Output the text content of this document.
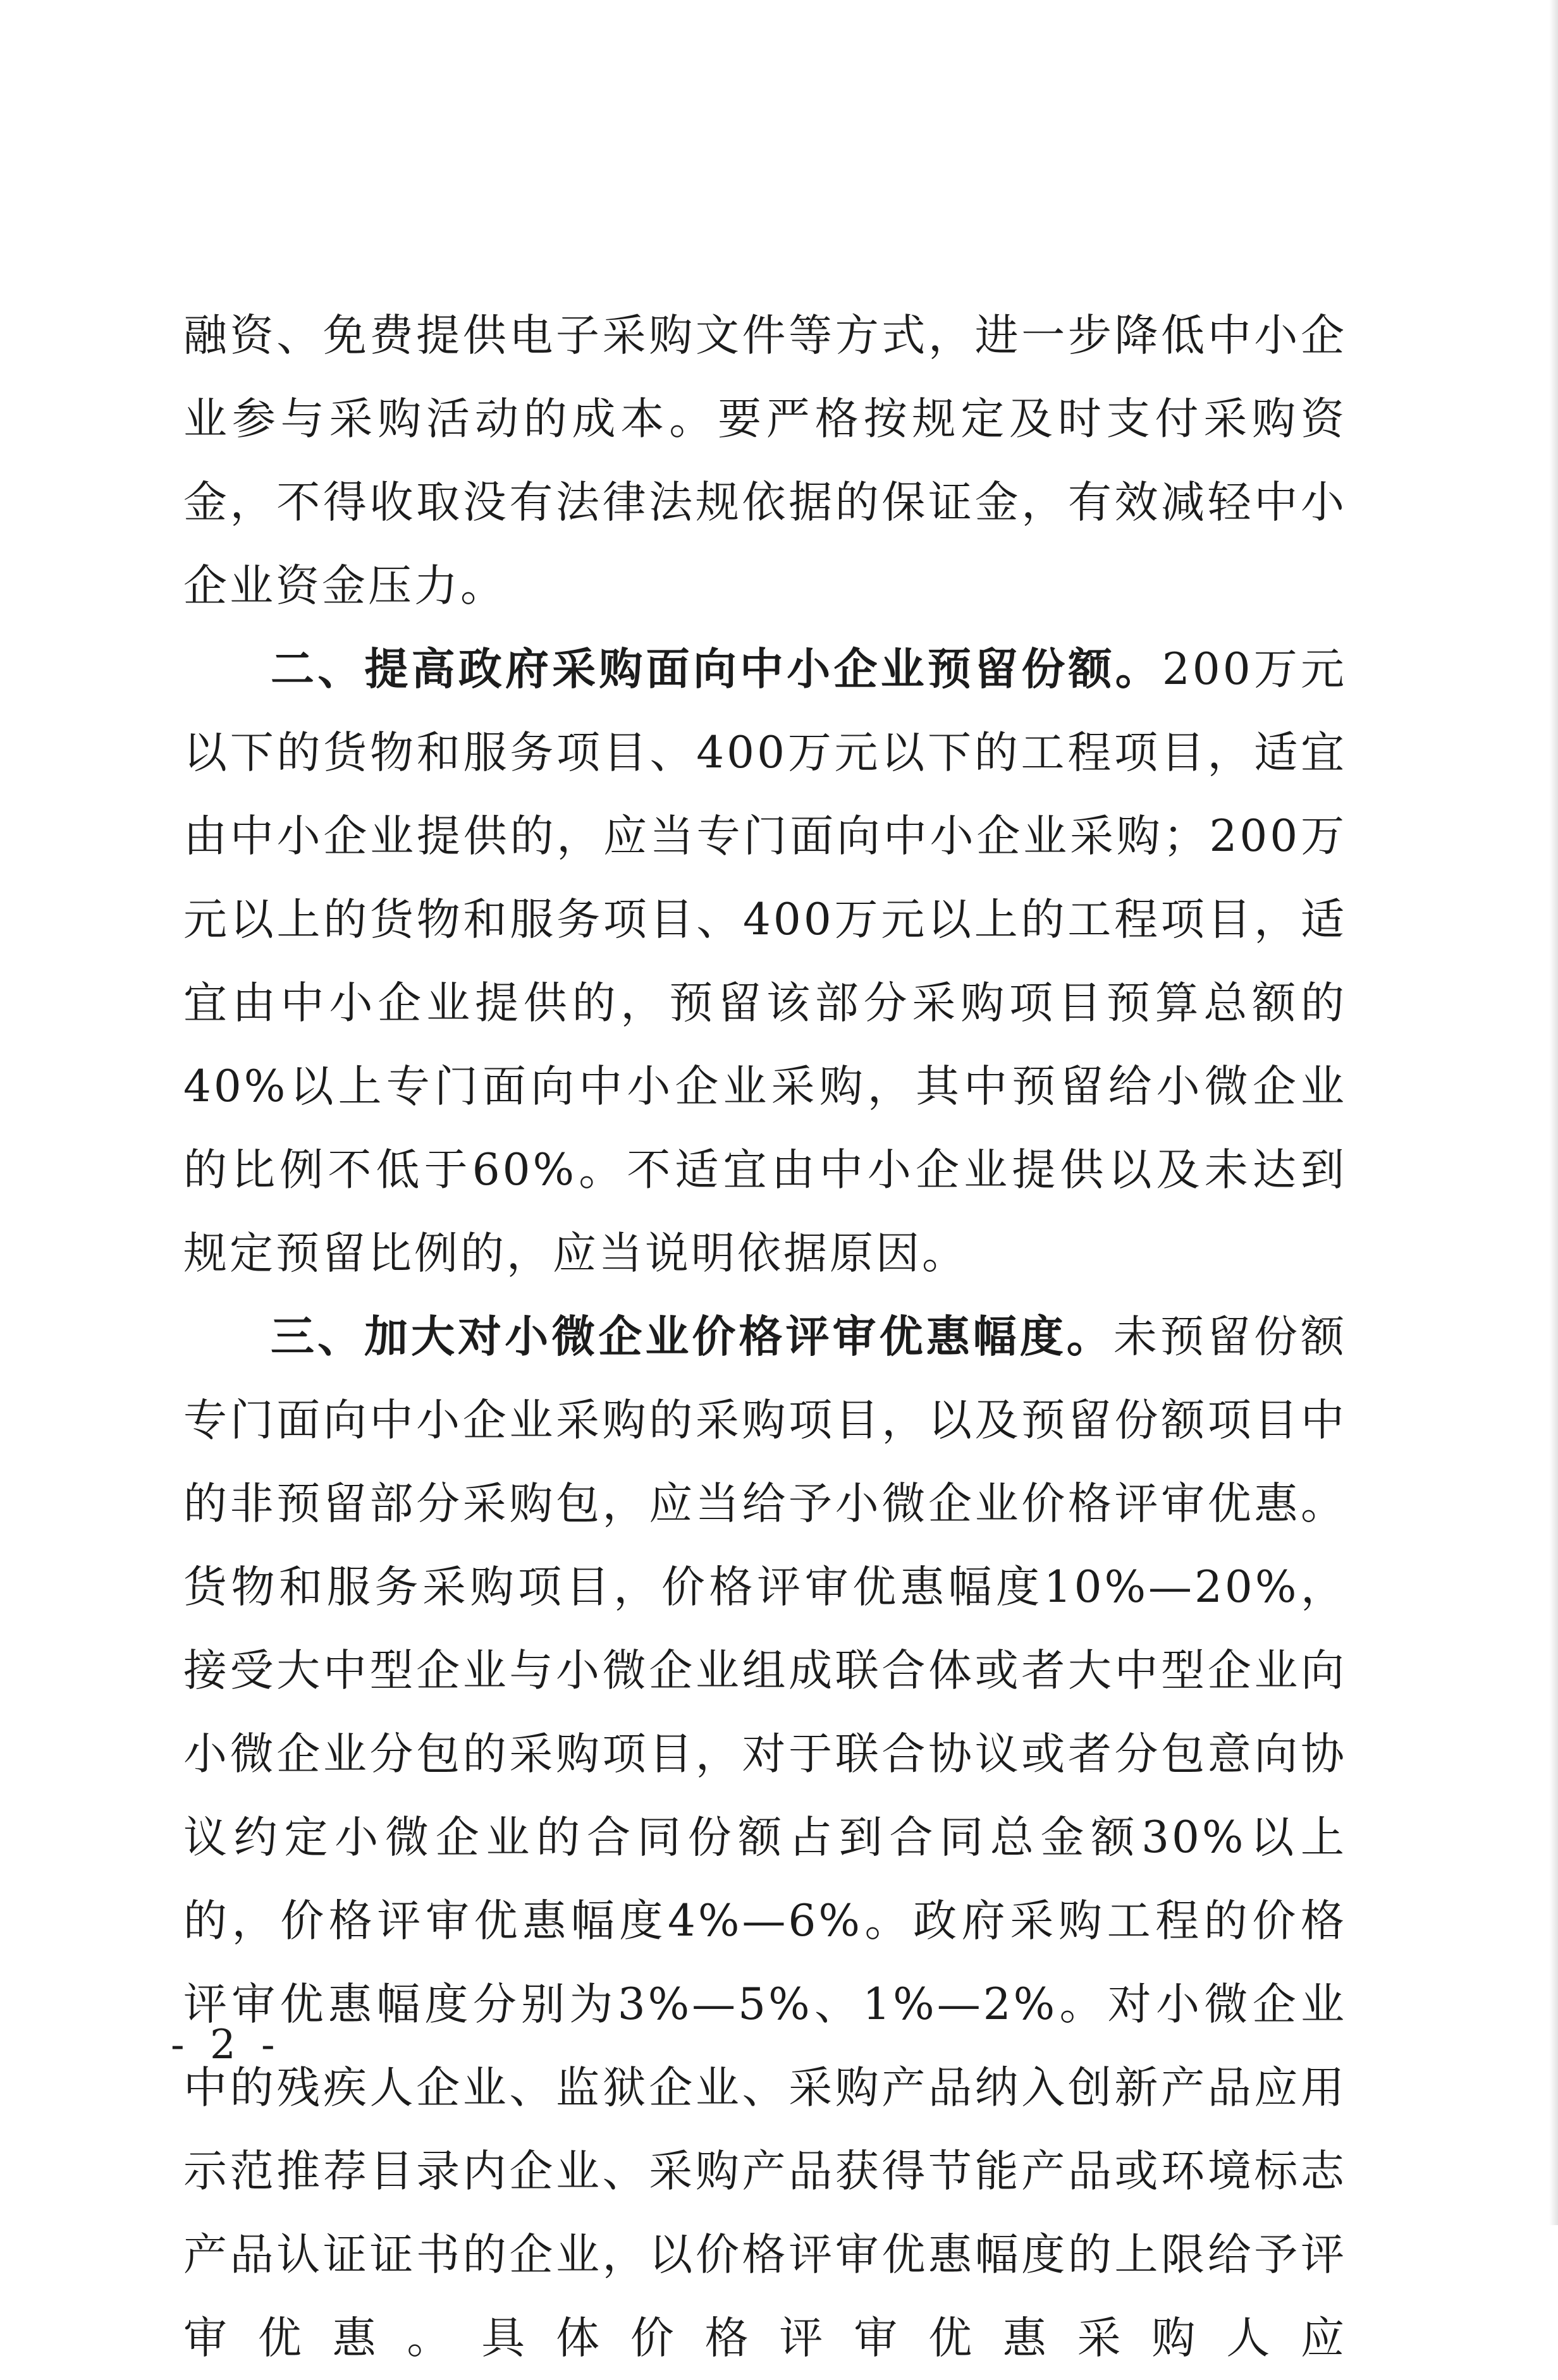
融资、免费提供电子采购文件等方式，进一步降低中小企业参与采购活动的成本。要严格按规定及时支付采购资金，不得收取没有法律法规依据的保证金，有效减轻中小企业资金压力。

二、提高政府采购面向中小企业预留份额。200万元以下的货物和服务项目、400万元以下的工程项目，适宜由中小企业提供的，应当专门面向中小企业采购；200万元以上的货物和服务项目、400万元以上的工程项目，适宜由中小企业提供的，预留该部分采购项目预算总额的40%以上专门面向中小企业采购，其中预留给小微企业的比例不低于60%。不适宜由中小企业提供以及未达到规定预留比例的，应当说明依据原因。

三、加大对小微企业价格评审优惠幅度。未预留份额专门面向中小企业采购的采购项目，以及预留份额项目中的非预留部分采购包，应当给予小微企业价格评审优惠。货物和服务采购项目，价格评审优惠幅度10%—20%，接受大中型企业与小微企业组成联合体或者大中型企业向小微企业分包的采购项目，对于联合协议或者分包意向协议约定小微企业的合同份额占到合同总金额30%以上的，价格评审优惠幅度4%—6%。政府采购工程的价格评审优惠幅度分别为3%—5%、1%—2%。对小微企业中的残疾人企业、监狱企业、采购产品纳入创新产品应用示范推荐目录内企业、采购产品获得节能产品或环境标志产品认证证书的企业，以价格评审优惠幅度的上限给予评审优惠。具体价格评审优惠采购人应

- 2 -
